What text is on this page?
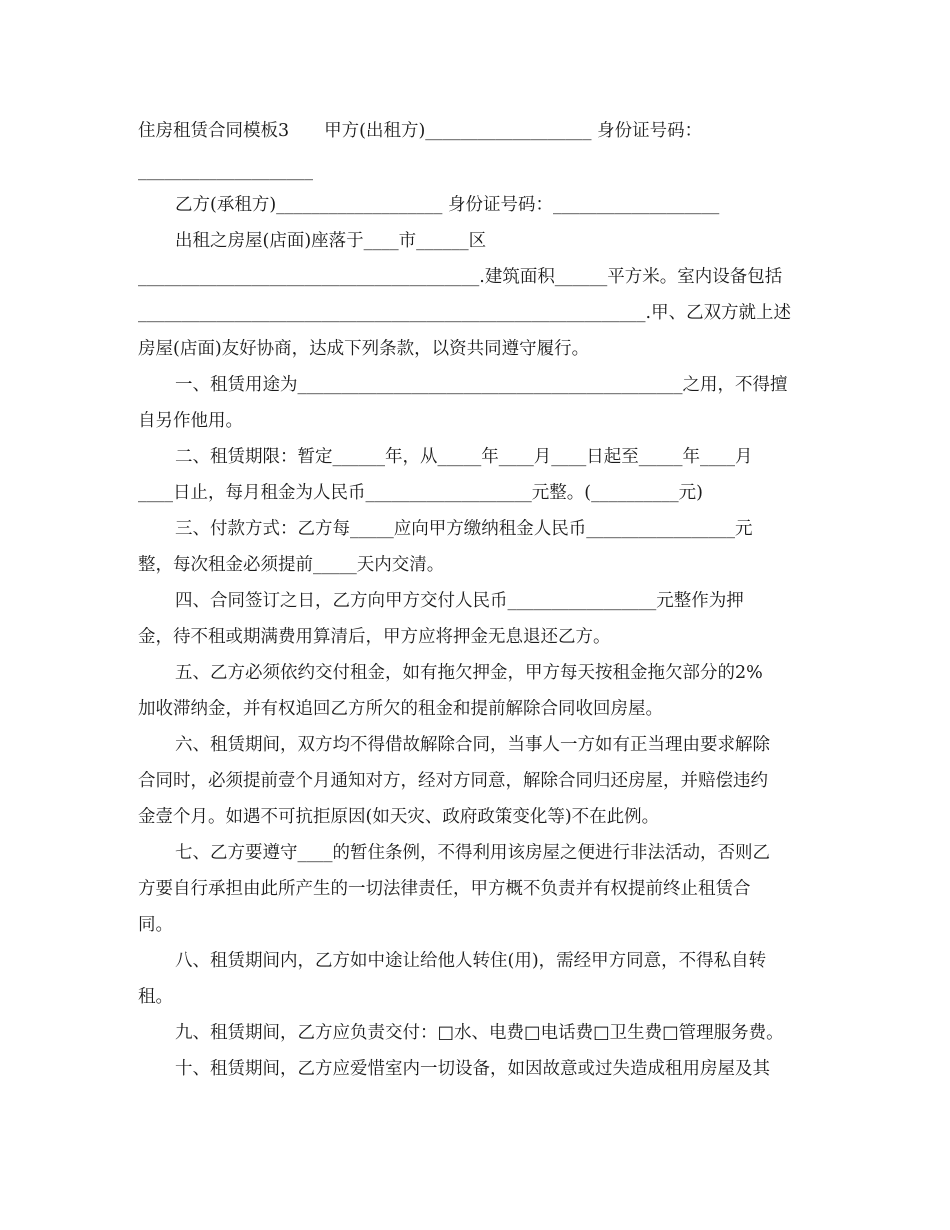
住房租赁合同模板3　　甲方(出租方)___________________ 身份证号码：
____________________
乙方(承租方)___________________ 身份证号码：___________________
出租之房屋(店面)座落于____市______区
_______________________________________.建筑面积______平方米。室内设备包括
__________________________________________________________.甲、乙双方就上述
房屋(店面)友好协商，达成下列条款，以资共同遵守履行。
一、租赁用途为____________________________________________之用，不得擅
自另作他用。
二、租赁期限：暂定______年，从_____年____月____日起至_____年____月
____日止，每月租金为人民币___________________元整。(__________元)
三、付款方式：乙方每_____应向甲方缴纳租金人民币_________________元
整，每次租金必须提前_____天内交清。
四、合同签订之日，乙方向甲方交付人民币_________________元整作为押
金，待不租或期满费用算清后，甲方应将押金无息退还乙方。
五、乙方必须依约交付租金，如有拖欠押金，甲方每天按租金拖欠部分的2%
加收滞纳金，并有权追回乙方所欠的租金和提前解除合同收回房屋。
六、租赁期间，双方均不得借故解除合同，当事人一方如有正当理由要求解除
合同时，必须提前壹个月通知对方，经对方同意，解除合同归还房屋，并赔偿违约
金壹个月。如遇不可抗拒原因(如天灾、政府政策变化等)不在此例。
七、乙方要遵守____的暂住条例，不得利用该房屋之便进行非法活动，否则乙
方要自行承担由此所产生的一切法律责任，甲方概不负责并有权提前终止租赁合
同。
八、租赁期间内，乙方如中途让给他人转住(用)，需经甲方同意，不得私自转
租。
九、租赁期间，乙方应负责交付：□水、电费□电话费□卫生费□管理服务费。
十、租赁期间，乙方应爱惜室内一切设备，如因故意或过失造成租用房屋及其
